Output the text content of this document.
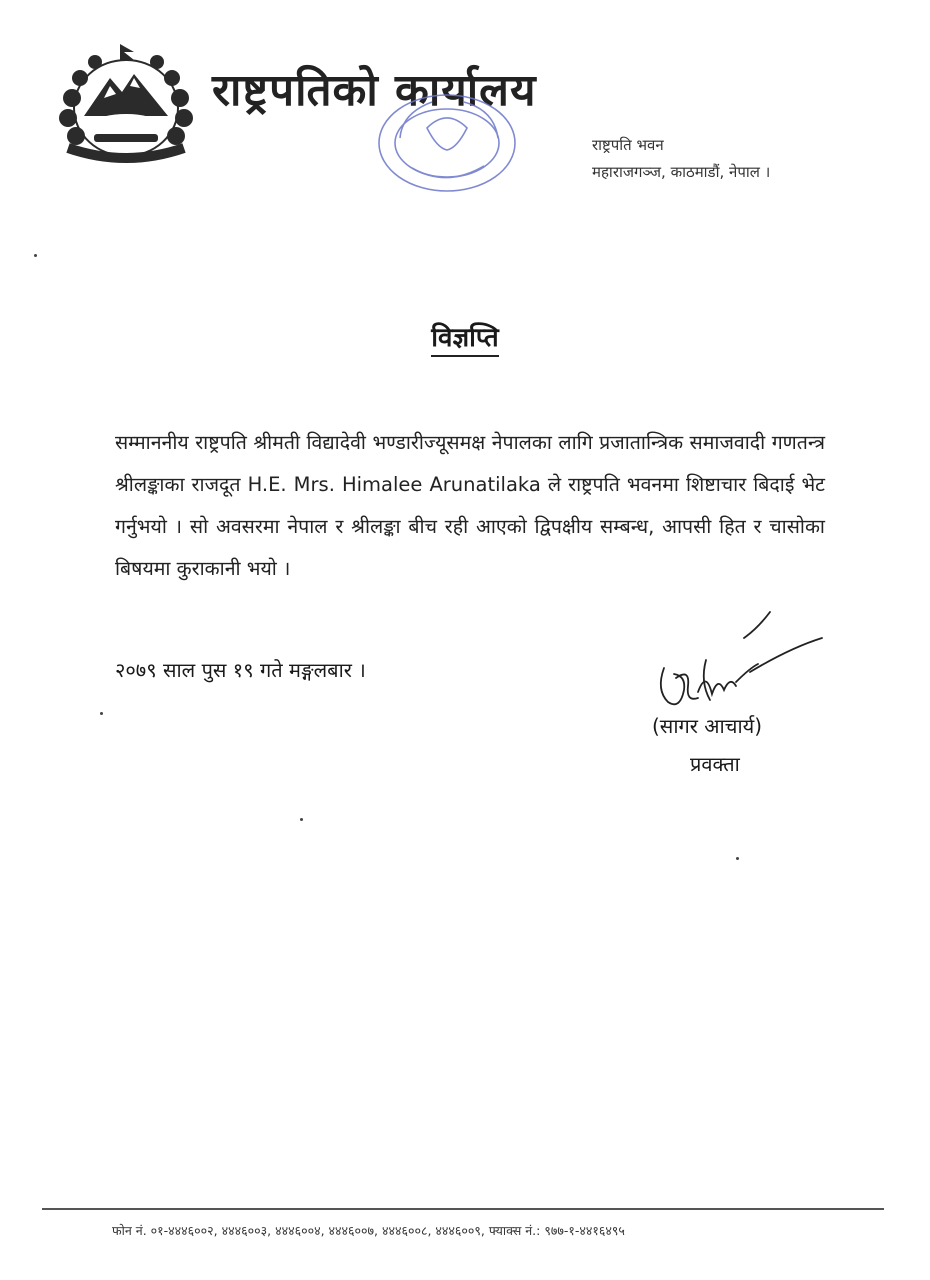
राष्ट्रपतिको कार्यालय
राष्ट्रपति भवन
महाराजगञ्ज, काठमाडौं, नेपाल ।
विज्ञप्ति
सम्माननीय राष्ट्रपति श्रीमती विद्यादेवी भण्डारीज्यूसमक्ष नेपालका लागि प्रजातान्त्रिक समाजवादी गणतन्त्र श्रीलङ्काका राजदूत H.E. Mrs. Himalee Arunatilaka ले राष्ट्रपति भवनमा शिष्टाचार बिदाई भेट गर्नुभयो । सो अवसरमा नेपाल र श्रीलङ्का बीच रही आएको द्विपक्षीय सम्बन्ध, आपसी हित र चासोका बिषयमा कुराकानी भयो ।
२०७९ साल पुस १९ गते मङ्गलबार ।
(सागर आचार्य)
प्रवक्ता
फोन नं. ०१-४४४६००२, ४४४६००३, ४४४६००४, ४४४६००७, ४४४६००८, ४४४६००९, फ्याक्स नं.: ९७७-१-४४१६४९५
